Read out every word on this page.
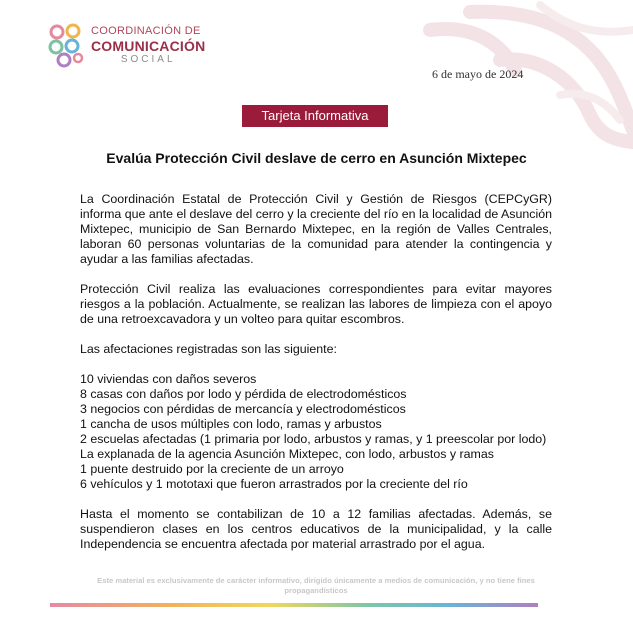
COORDINACIÓN DE
COMUNICACIÓN
SOCIAL
6 de mayo de 2024
Tarjeta Informativa
Evalúa Protección Civil deslave de cerro en Asunción Mixtepec

La Coordinación Estatal de Protección Civil y Gestión de Riesgos (CEPCyGR) informa que ante el deslave del cerro y la creciente del río en la localidad de Asunción Mixtepec, municipio de San Bernardo Mixtepec, en la región de Valles Centrales, laboran 60 personas voluntarias de la comunidad para atender la contingencia y ayudar a las familias afectadas.

Protección Civil realiza las evaluaciones correspondientes para evitar mayores riesgos a la población. Actualmente, se realizan las labores de limpieza con el apoyo de una retroexcavadora y un volteo para quitar escombros.

Las afectaciones registradas son las siguiente:

10 viviendas con daños severos
8 casas con daños por lodo y pérdida de electrodomésticos
3 negocios con pérdidas de mercancía y electrodomésticos
1 cancha de usos múltiples con lodo, ramas y arbustos
2 escuelas afectadas (1 primaria por lodo, arbustos y ramas, y 1 preescolar por lodo)
La explanada de la agencia Asunción Mixtepec, con lodo, arbustos y ramas
1 puente destruido por la creciente de un arroyo
6 vehículos y 1 mototaxi que fueron arrastrados por la creciente del río

Hasta el momento se contabilizan de 10 a 12 familias afectadas. Además, se suspendieron clases en los centros educativos de la municipalidad, y la calle Independencia se encuentra afectada por material arrastrado por el agua.

Este material es exclusivamente de carácter informativo, dirigido únicamente a medios de comunicación, y no tiene fines propagandísticos
